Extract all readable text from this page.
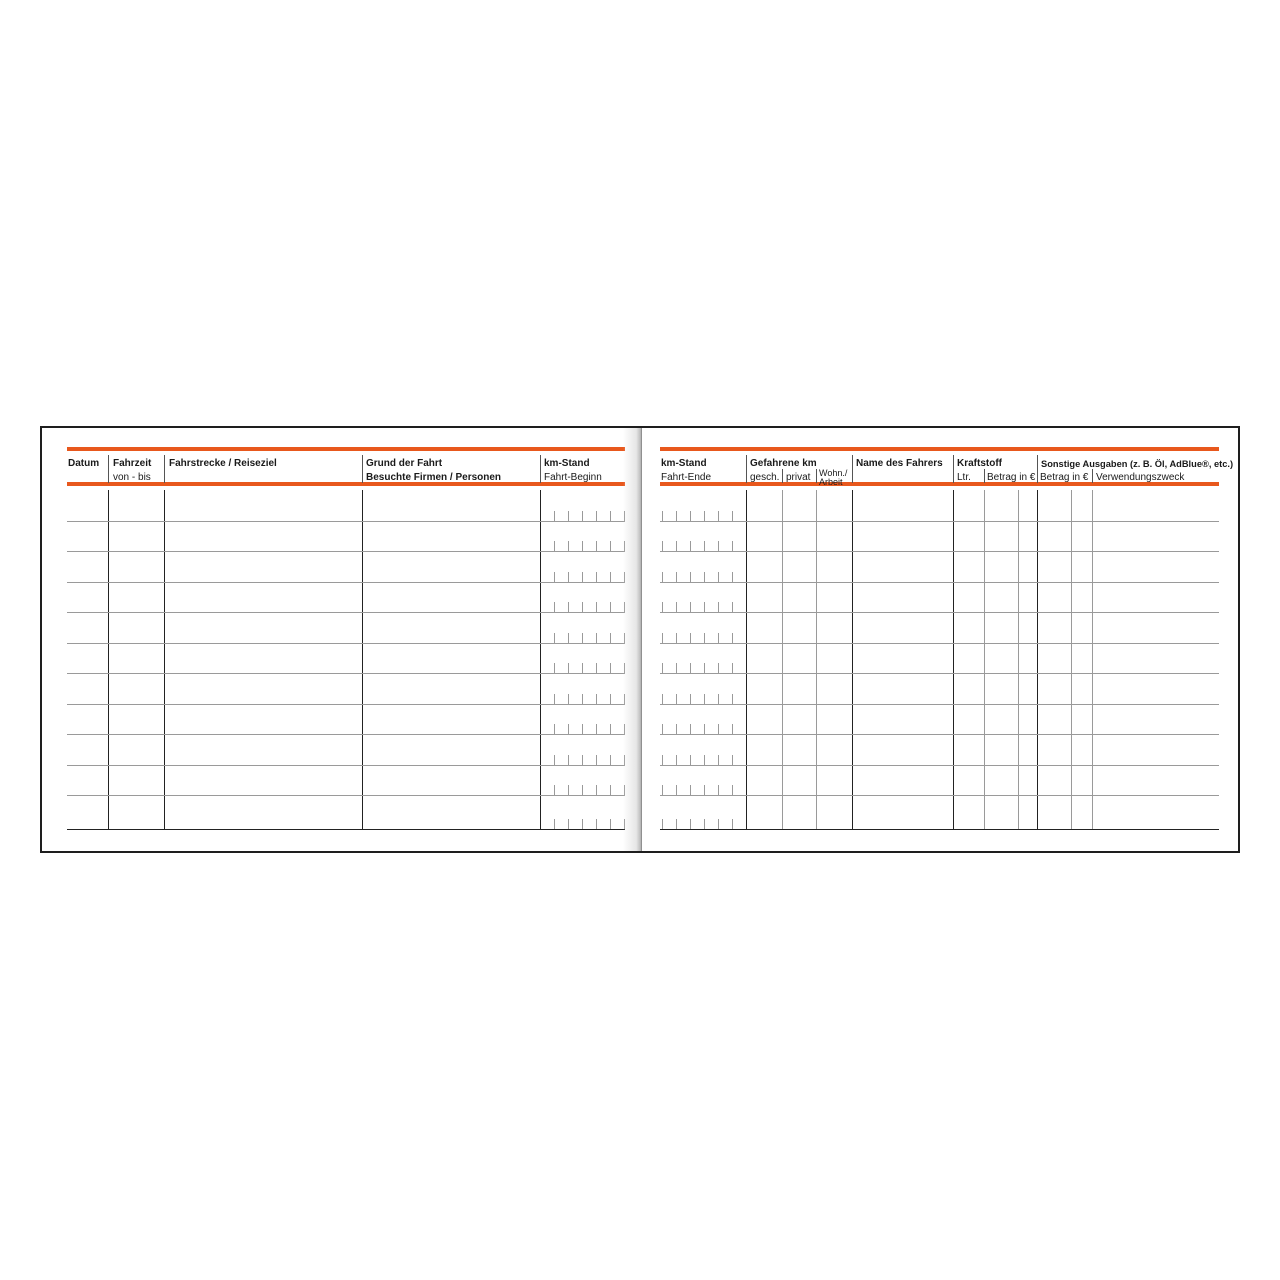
Datum Fahrzeit
von - bis
Fahrstrecke / Reiseziel	Grund der Fahrt
Besuchte Firmen / Personen
km-Stand
Fahrt-Beginn
km-Stand
Fahrt-Ende
Gefahrene km
gesch. privat Wohn./
Arbeit
Name des Fahrers Kraftstoff
Ltr.	Betrag in €
Sonstige Ausgaben (z. B. Öl, AdBlue®, etc.)
Betrag in € Verwendungszweck
